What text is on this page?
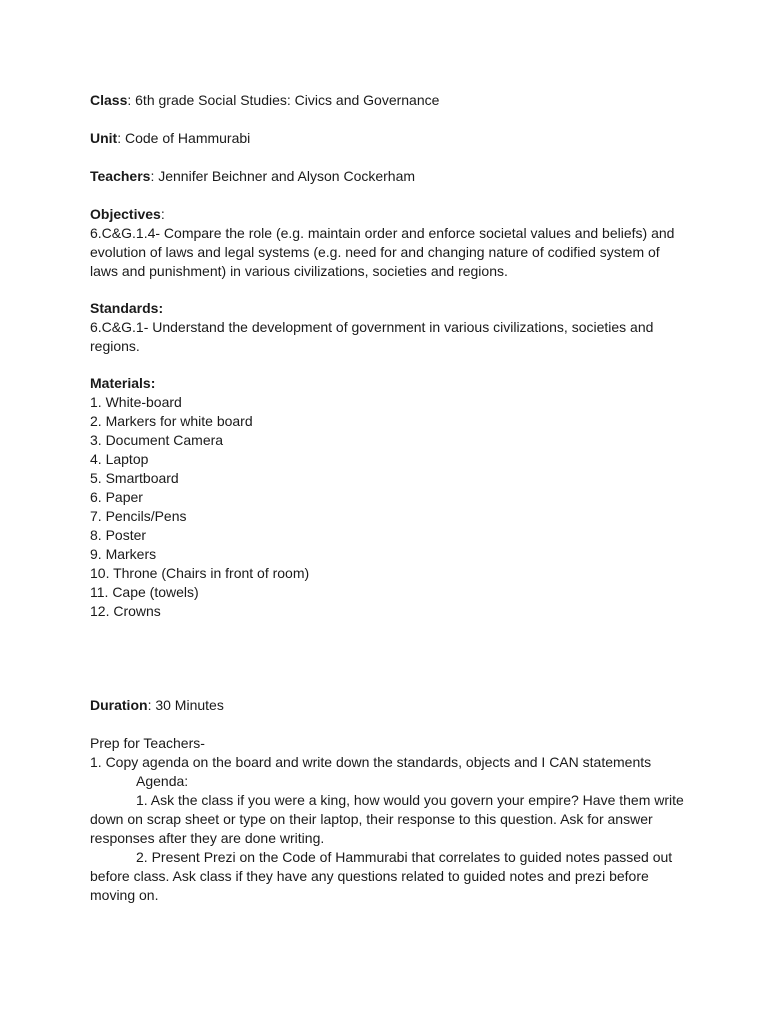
Class: 6th grade Social Studies: Civics and Governance
Unit: Code of Hammurabi
Teachers: Jennifer Beichner and Alyson Cockerham
Objectives:
6.C&G.1.4- Compare the role (e.g. maintain order and enforce societal values and beliefs) and
evolution of laws and legal systems (e.g. need for and changing nature of codified system of
laws and punishment) in various civilizations, societies and regions.
Standards:
6.C&G.1- Understand the development of government in various civilizations, societies and
regions.
Materials:
1. White-board
2. Markers for white board
3. Document Camera
4. Laptop
5. Smartboard
6. Paper
7. Pencils/Pens
8. Poster
9. Markers
10. Throne (Chairs in front of room)
11. Cape (towels)
12. Crowns
Duration: 30 Minutes
Prep for Teachers-
1. Copy agenda on the board and write down the standards, objects and I CAN statements
Agenda:
1. Ask the class if you were a king, how would you govern your empire? Have them write
down on scrap sheet or type on their laptop, their response to this question. Ask for answer
responses after they are done writing.
2. Present Prezi on the Code of Hammurabi that correlates to guided notes passed out
before class. Ask class if they have any questions related to guided notes and prezi before
moving on.
